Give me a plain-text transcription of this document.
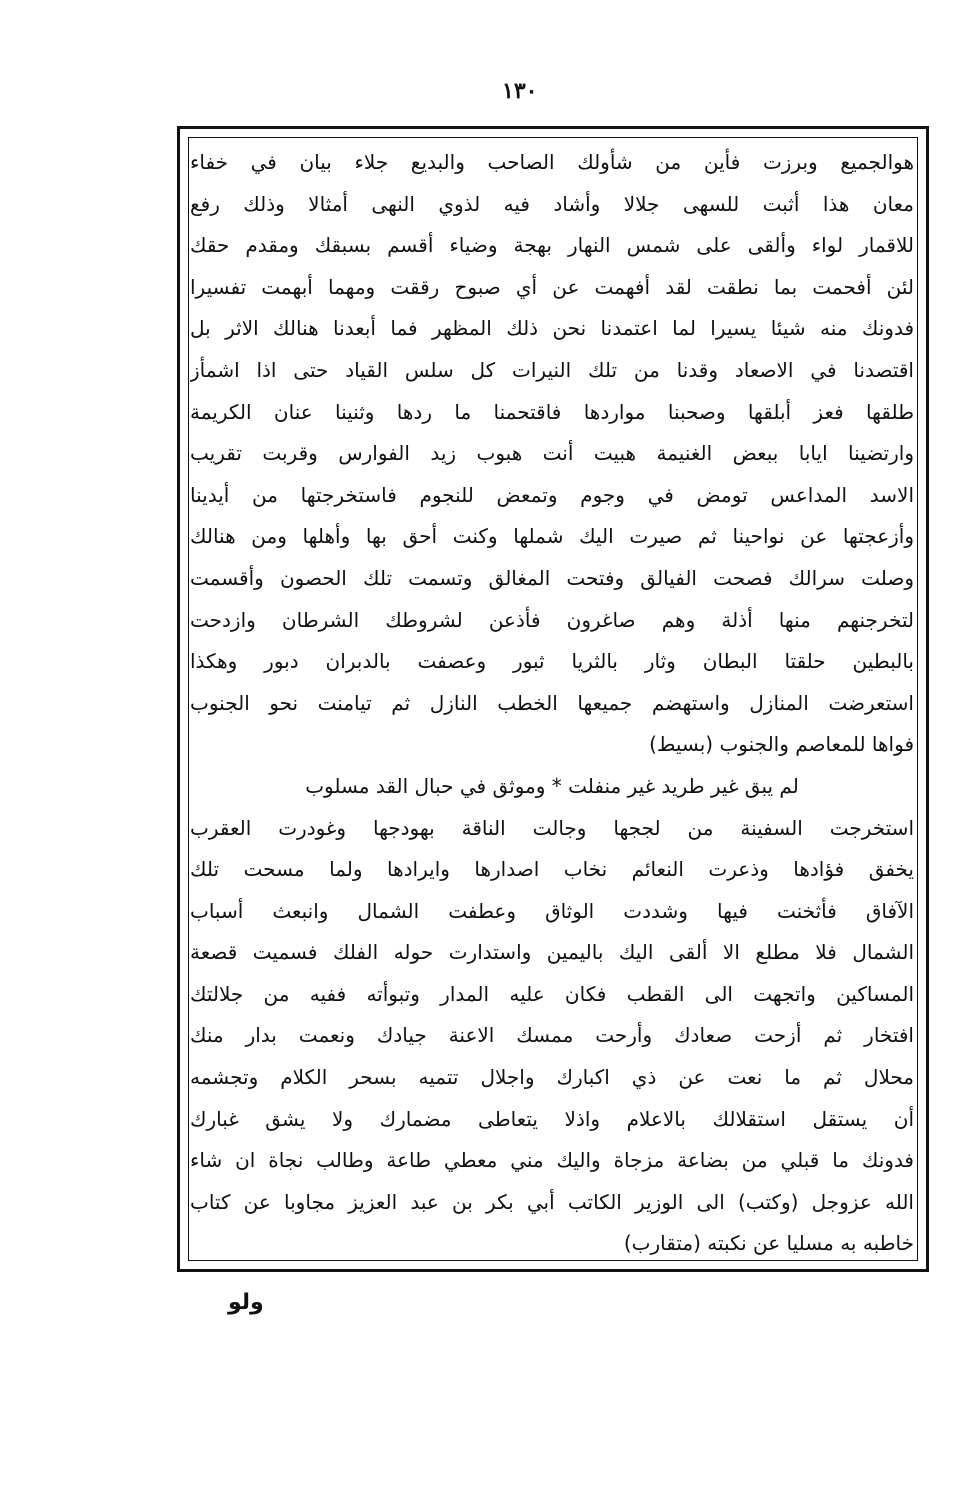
١٣٠
هوالجميع وبرزت فأين من شأولك الصاحب والبديع جلاء بيان في خفاء
معان هذا أثبت للسهى جلالا وأشاد فيه لذوي النهى أمثالا وذلك رفع
للاقمار لواء وألقى على شمس النهار بهجة وضياء أقسم بسبقك ومقدم حقك
لئن أفحمت بما نطقت لقد أفهمت عن أي صبوح رققت ومهما أبهمت تفسيرا
فدونك منه شيئا يسيرا لما اعتمدنا نحن ذلك المظهر فما أبعدنا هنالك الاثر بل
اقتصدنا في الاصعاد وقدنا من تلك النيرات كل سلس القياد حتى اذا اشمأز
طلقها فعز أبلقها وصحبنا مواردها فاقتحمنا ما ردها وثنينا عنان الكريمة
وارتضينا ايابا ببعض الغنيمة هبيت أنت هبوب زيد الفوارس وقربت تقريب
الاسد المداعس تومض في وجوم وتمعض للنجوم فاستخرجتها من أيدينا
وأزعجتها عن نواحينا ثم صيرت اليك شملها وكنت أحق بها وأهلها ومن هنالك
وصلت سرالك فصحت الفيالق وفتحت المغالق وتسمت تلك الحصون وأقسمت
لتخرجنهم منها أذلة وهم صاغرون فأذعن لشروطك الشرطان وازدحت
بالبطين حلقتا البطان وثار بالثريا ثبور وعصفت بالدبران دبور وهكذا
استعرضت المنازل واستهضم جميعها الخطب النازل ثم تيامنت نحو الجنوب
فواها للمعاصم والجنوب (بسيط)
لم يبق غير طريد غير منفلت * وموثق في حبال القد مسلوب
استخرجت السفينة من لججها وجالت الناقة بهودجها وغودرت العقرب
يخفق فؤادها وذعرت النعائم نخاب اصدارها وايرادها ولما مسحت تلك
الآفاق فأثخنت فيها وشددت الوثاق وعطفت الشمال وانبعث أسباب
الشمال فلا مطلع الا ألقى اليك باليمين واستدارت حوله الفلك فسميت قصعة
المساكين واتجهت الى القطب فكان عليه المدار وتبوأته ففيه من جلالتك
افتخار ثم أزحت صعادك وأرحت ممسك الاعنة جيادك ونعمت بدار منك
محلال ثم ما نعت عن ذي اكبارك واجلال تتميه بسحر الكلام وتجشمه
أن يستقل استقلالك بالاعلام واذلا يتعاطى مضمارك ولا يشق غبارك
فدونك ما قبلي من بضاعة مزجاة واليك مني معطي طاعة وطالب نجاة ان شاء
الله عزوجل (وكتب) الى الوزير الكاتب أبي بكر بن عبد العزيز مجاوبا عن كتاب
خاطبه به مسليا عن نكبته (متقارب)
ولو
